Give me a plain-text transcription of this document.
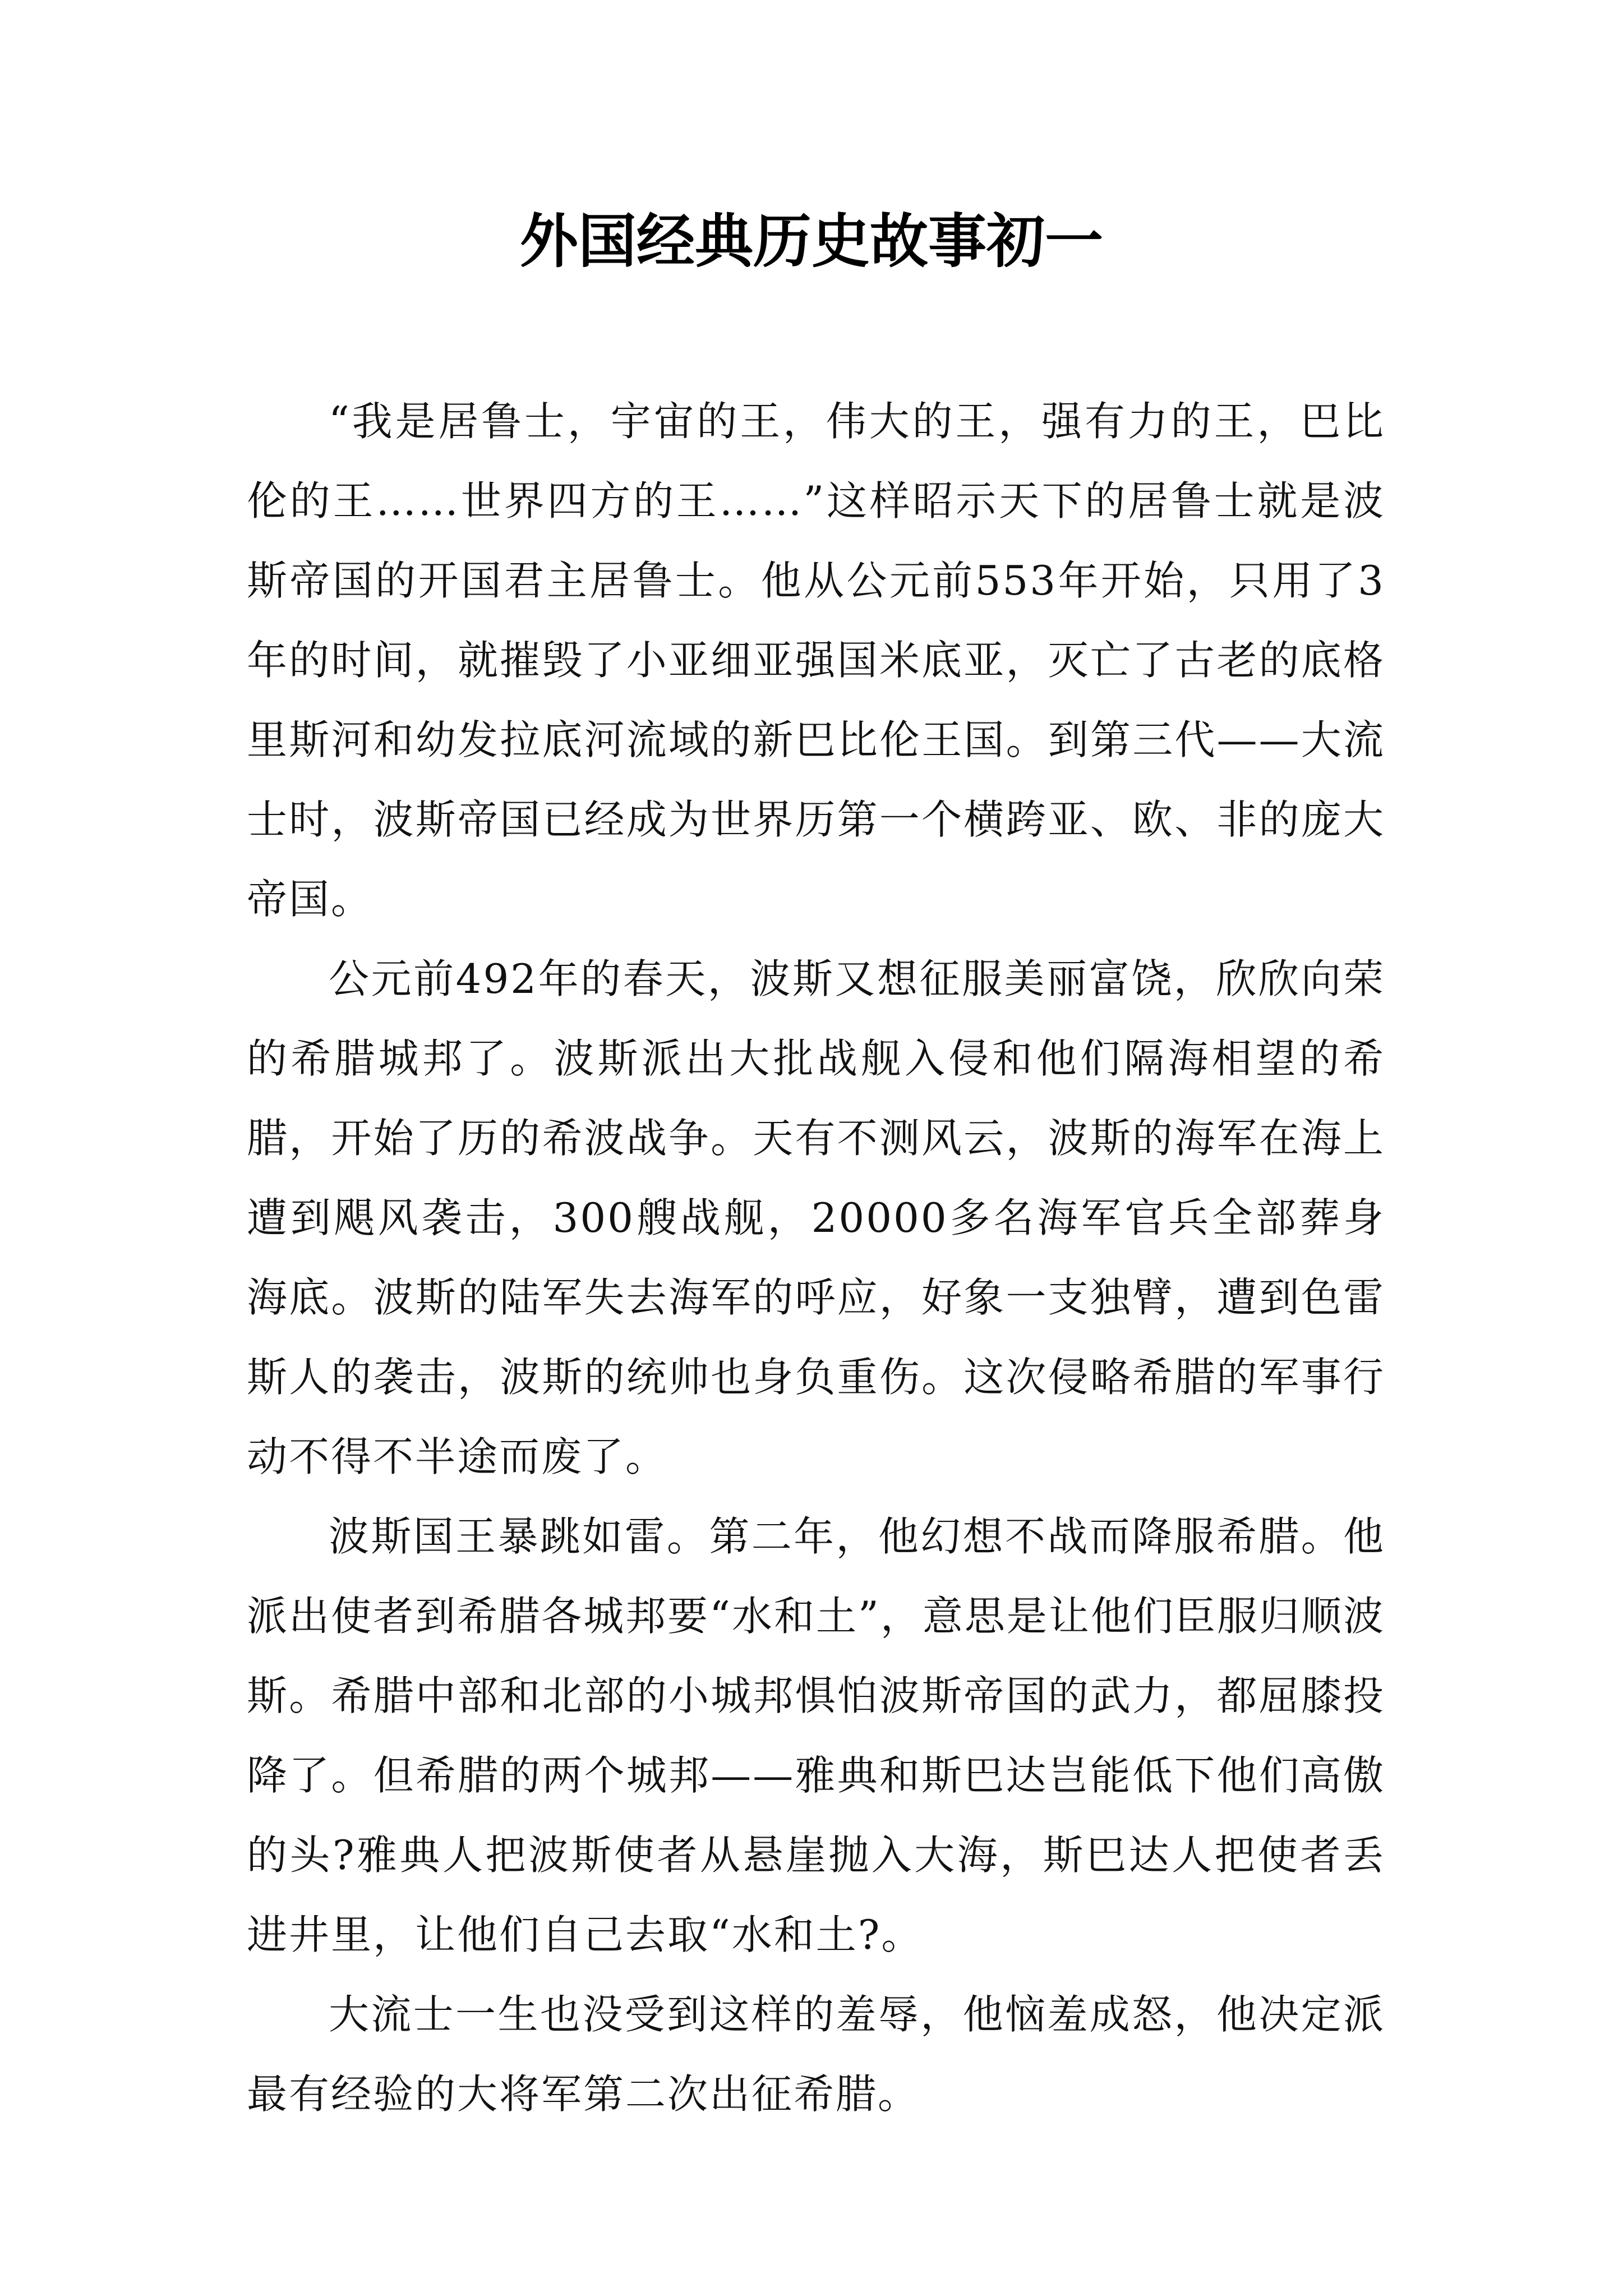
外国经典历史故事初一

“我是居鲁士，宇宙的王，伟大的王，强有力的王，巴比伦的王……世界四方的王……”这样昭示天下的居鲁士就是波斯帝国的开国君主居鲁士。他从公元前553年开始，只用了3年的时间，就摧毁了小亚细亚强国米底亚，灭亡了古老的底格里斯河和幼发拉底河流域的新巴比伦王国。到第三代——大流士时，波斯帝国已经成为世界历第一个横跨亚、欧、非的庞大帝国。

公元前492年的春天，波斯又想征服美丽富饶，欣欣向荣的希腊城邦了。波斯派出大批战舰入侵和他们隔海相望的希腊，开始了历的希波战争。天有不测风云，波斯的海军在海上遭到飓风袭击，300艘战舰，20000多名海军官兵全部葬身海底。波斯的陆军失去海军的呼应，好象一支独臂，遭到色雷斯人的袭击，波斯的统帅也身负重伤。这次侵略希腊的军事行动不得不半途而废了。

波斯国王暴跳如雷。第二年，他幻想不战而降服希腊。他派出使者到希腊各城邦要“水和土”，意思是让他们臣服归顺波斯。希腊中部和北部的小城邦惧怕波斯帝国的武力，都屈膝投降了。但希腊的两个城邦——雅典和斯巴达岂能低下他们高傲的头?雅典人把波斯使者从悬崖抛入大海，斯巴达人把使者丢进井里，让他们自己去取“水和土?。

大流士一生也没受到这样的羞辱，他恼羞成怒，他决定派最有经验的大将军第二次出征希腊。
